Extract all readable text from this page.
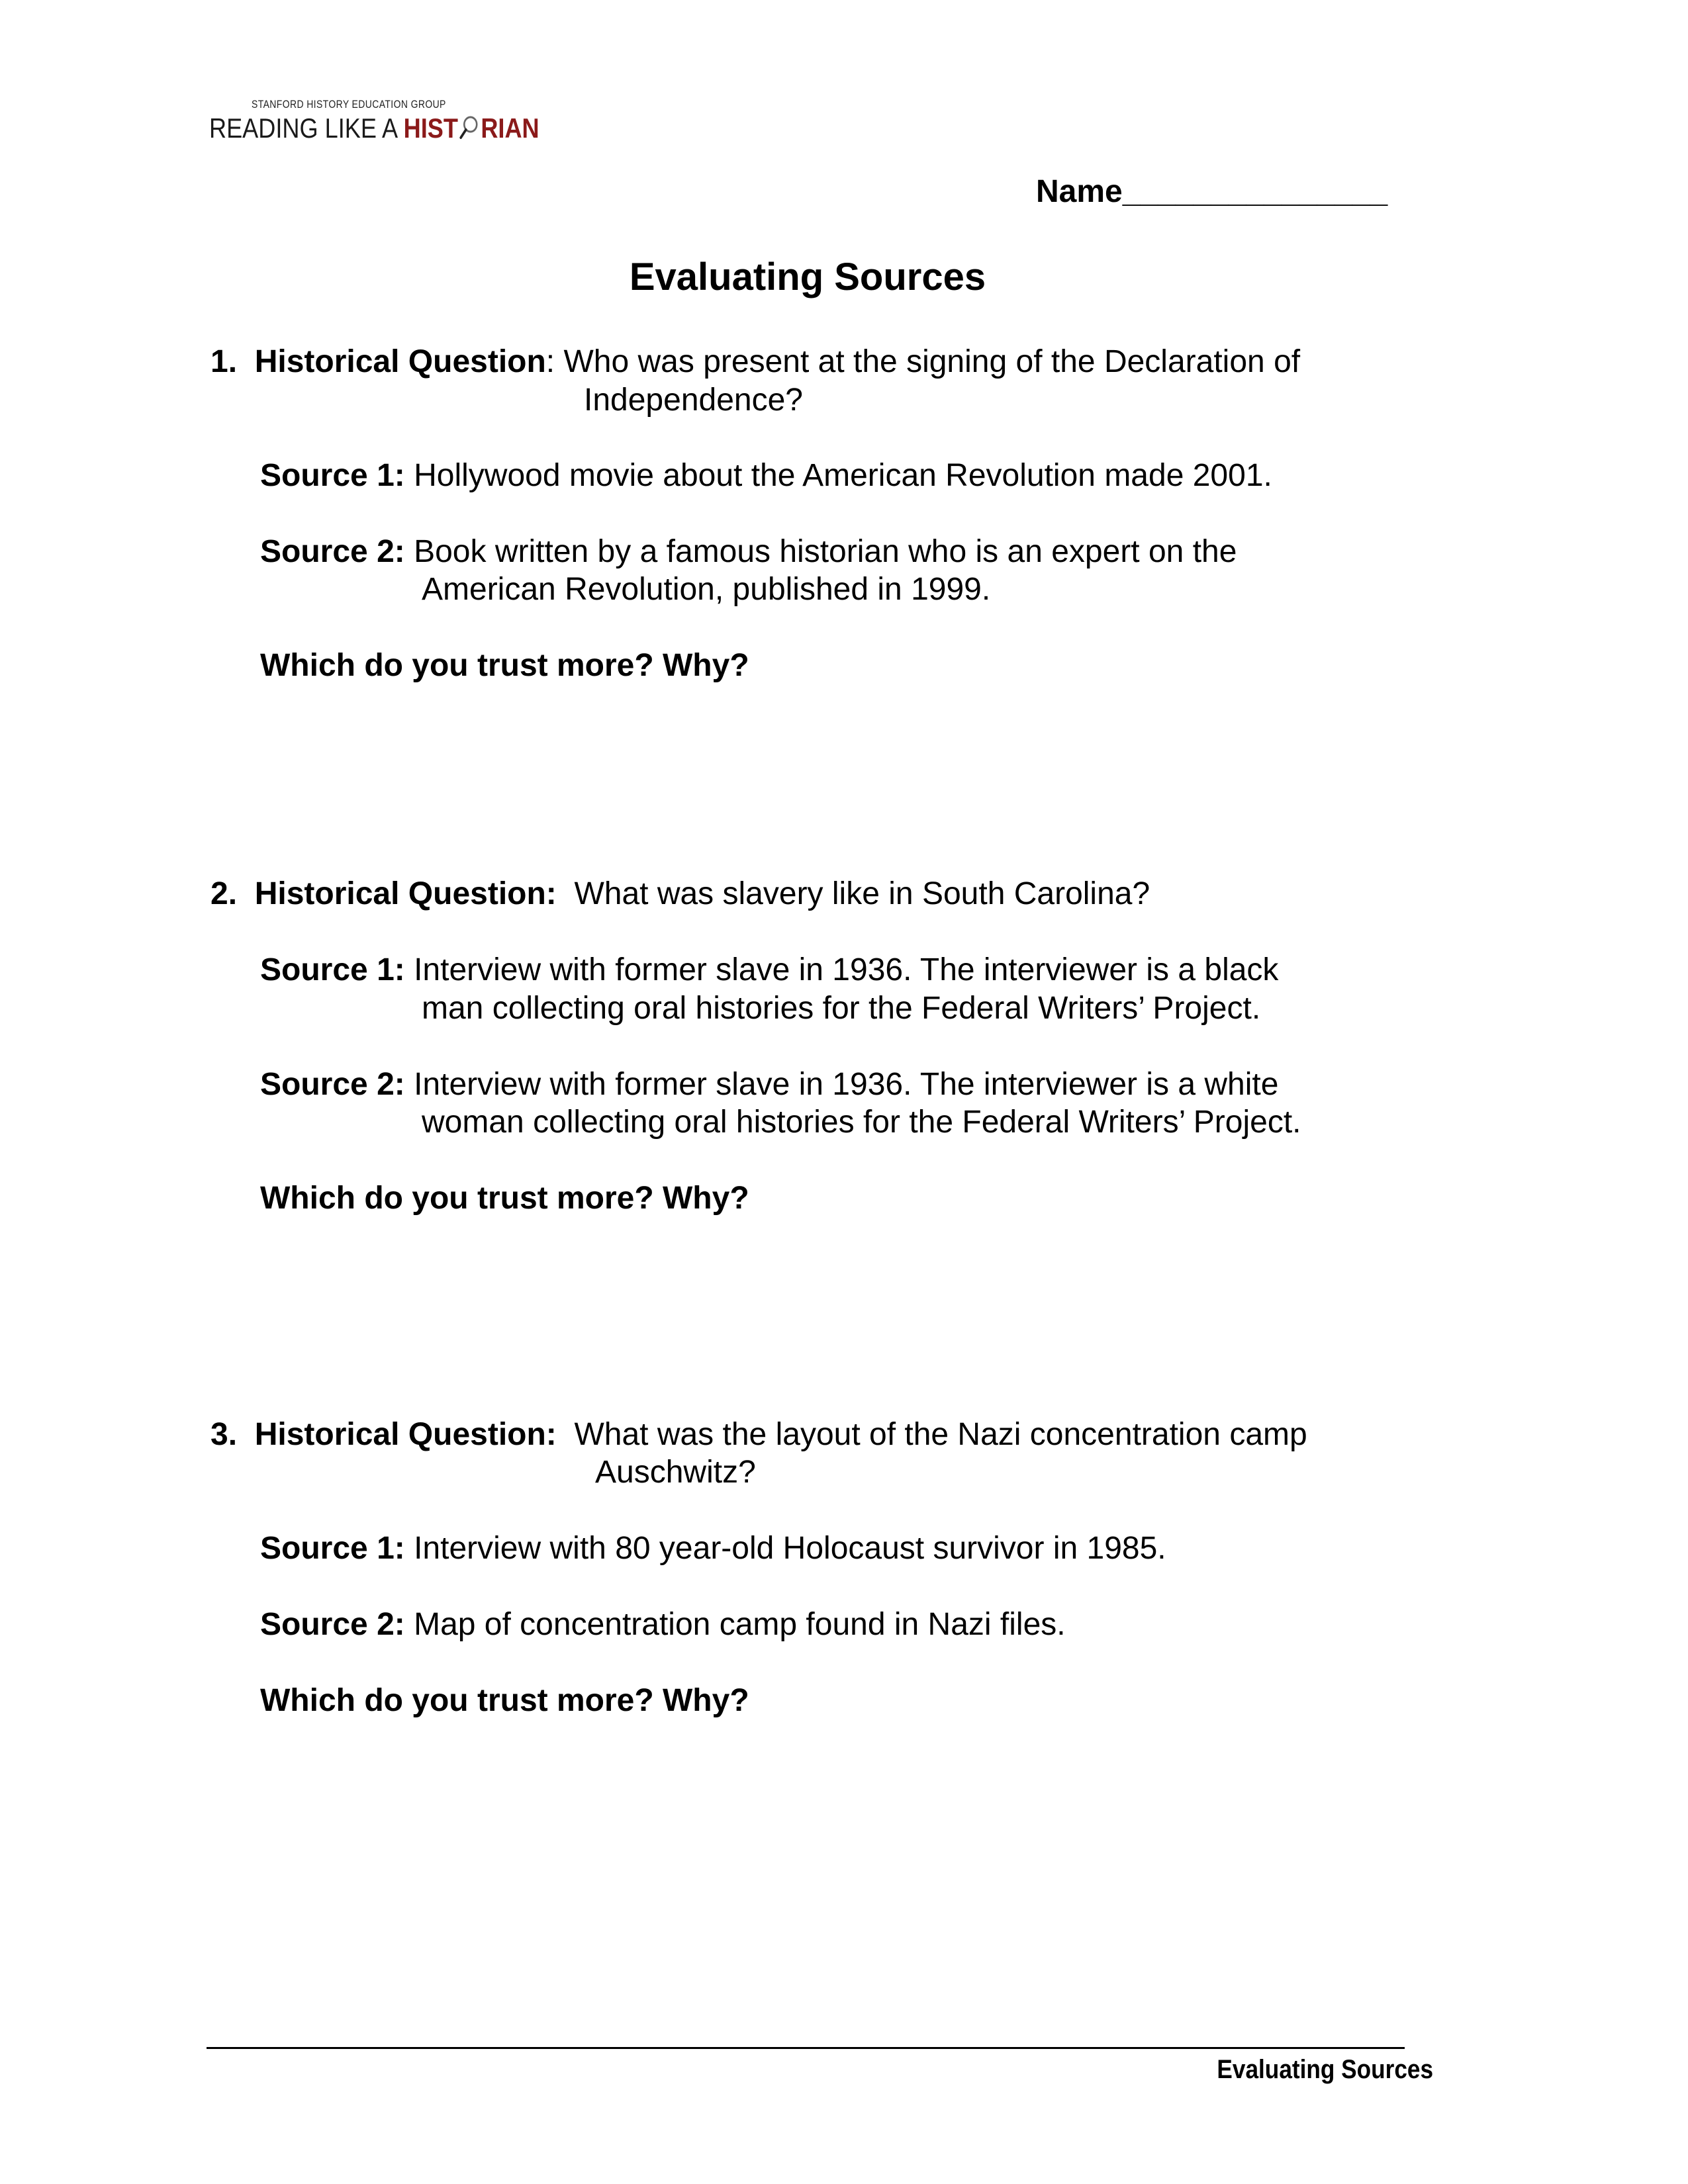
STANFORD HISTORY EDUCATION GROUP
READING LIKE A HIST RIAN
Name_______________
Evaluating Sources
1. Historical Question: Who was present at the signing of the Declaration of
Independence?
Source 1: Hollywood movie about the American Revolution made 2001.
Source 2: Book written by a famous historian who is an expert on the
American Revolution, published in 1999.
Which do you trust more? Why?
2. Historical Question: What was slavery like in South Carolina?
Source 1: Interview with former slave in 1936. The interviewer is a black
man collecting oral histories for the Federal Writers’ Project.
Source 2: Interview with former slave in 1936. The interviewer is a white
woman collecting oral histories for the Federal Writers’ Project.
Which do you trust more? Why?
3. Historical Question: What was the layout of the Nazi concentration camp
Auschwitz?
Source 1: Interview with 80 year-old Holocaust survivor in 1985.
Source 2: Map of concentration camp found in Nazi files.
Which do you trust more? Why?
Evaluating Sources
